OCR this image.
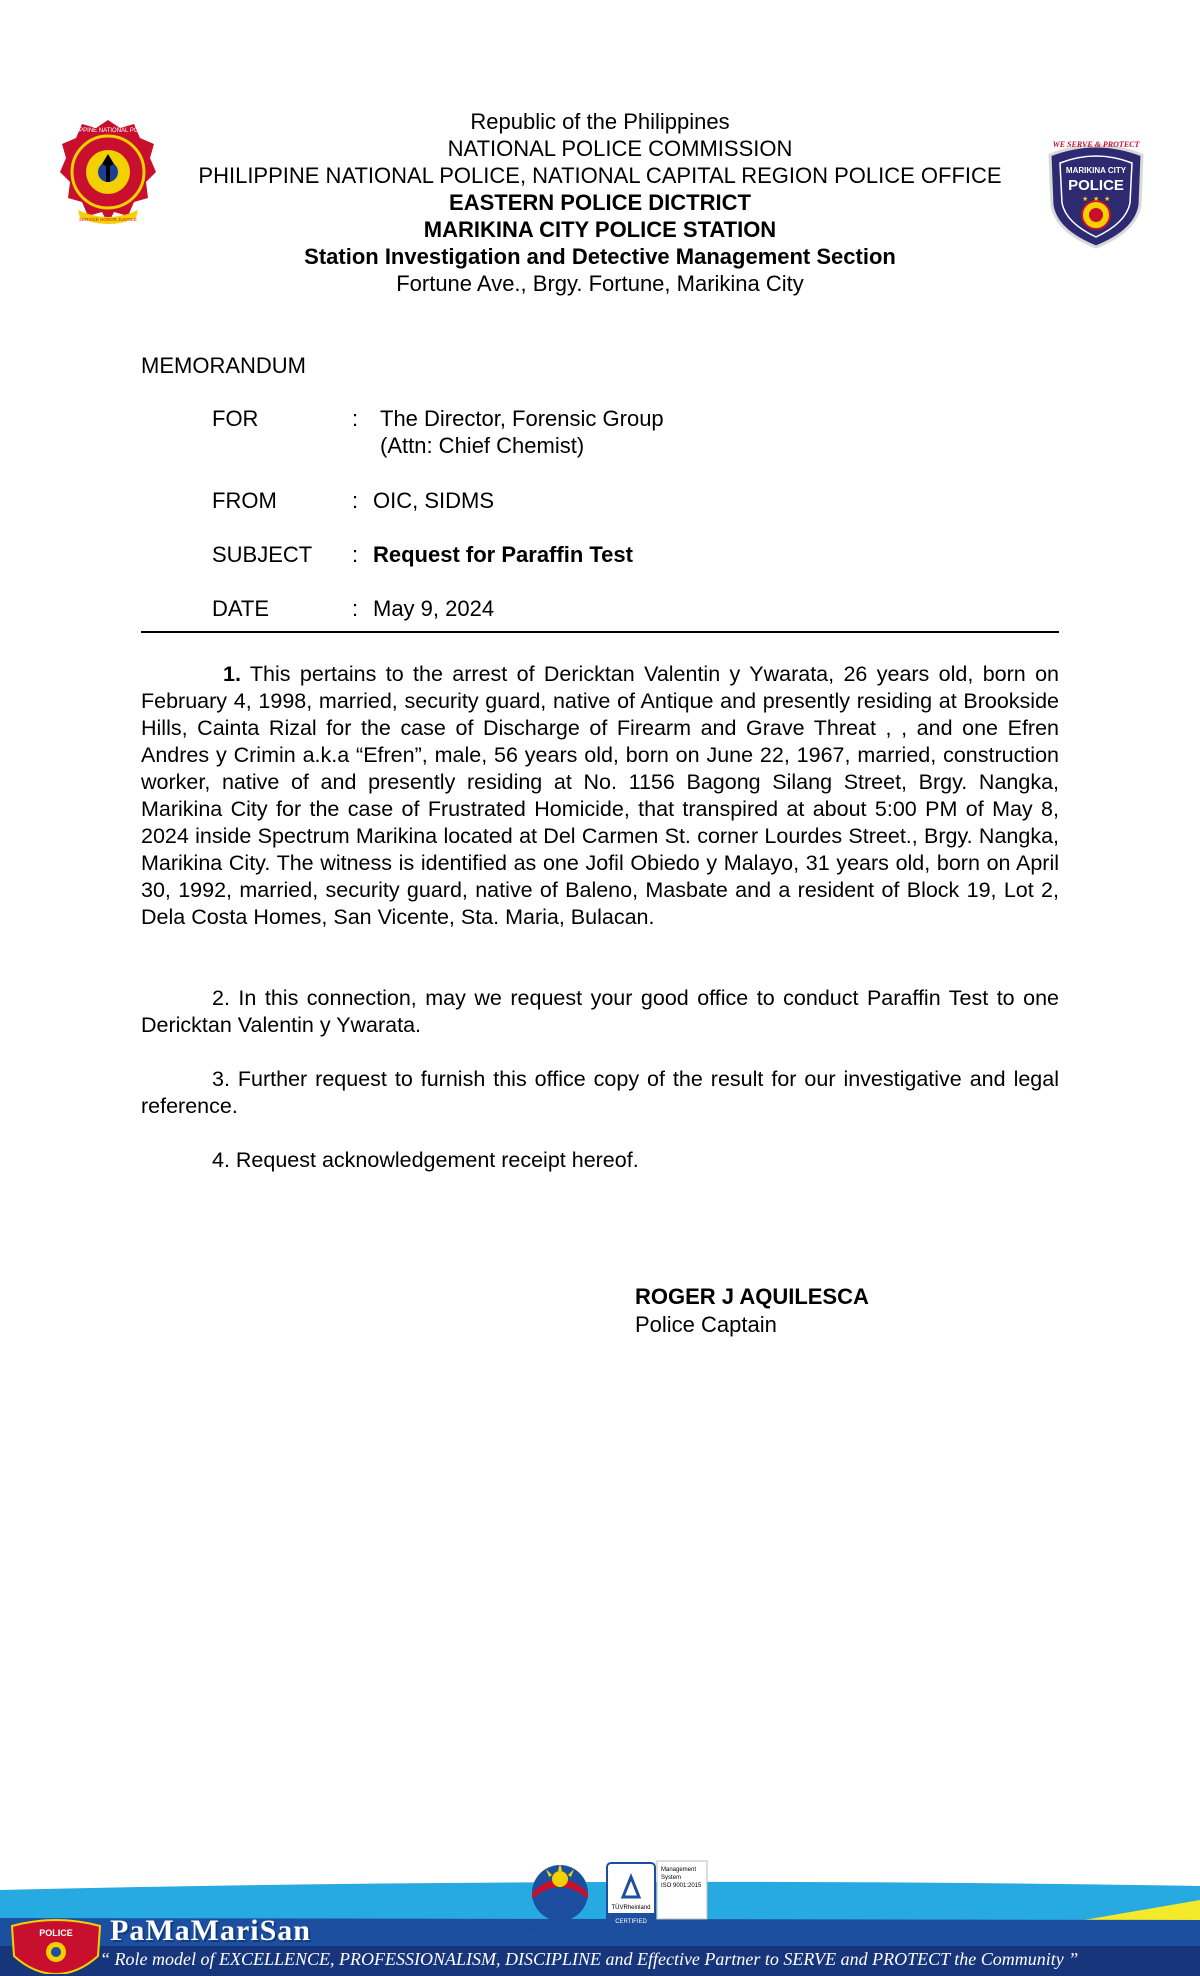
PHILIPPINE NATIONAL POLICE
SERVICE HONOR JUSTICE
WE SERVE & PROTECT
MARIKINA CITY
POLICE
★ ★ ★
Republic of the Philippines
NATIONAL POLICE COMMISSION
PHILIPPINE NATIONAL POLICE, NATIONAL CAPITAL REGION POLICE OFFICE
EASTERN POLICE DICTRICT
MARIKINA CITY POLICE STATION
Station Investigation and Detective Management Section
Fortune Ave., Brgy. Fortune, Marikina City
MEMORANDUM
FOR	: The Director, Forensic Group
(Attn: Chief Chemist)
FROM	: OIC, SIDMS
SUBJECT	: Request for Paraffin Test
DATE	: May 9, 2024
1. This pertains to the arrest of Dericktan Valentin y Ywarata, 26 years old, born on February 4, 1998, married, security guard, native of Antique and presently residing at Brookside Hills, Cainta Rizal for the case of Discharge of Firearm and Grave Threat , , and one Efren Andres y Crimin a.k.a “Efren”, male, 56 years old, born on June 22, 1967, married, construction worker, native of and presently residing at No. 1156 Bagong Silang Street, Brgy. Nangka, Marikina City for the case of Frustrated Homicide, that transpired at about 5:00 PM of May 8, 2024 inside Spectrum Marikina located at Del Carmen St. corner Lourdes Street., Brgy. Nangka, Marikina City. The witness is identified as one Jofil Obiedo y Malayo, 31 years old, born on April 30, 1992, married, security guard, native of Baleno, Masbate and a resident of Block 19, Lot 2, Dela Costa Homes, San Vicente, Sta. Maria, Bulacan.
2. In this connection, may we request your good office to conduct Paraffin Test to one Dericktan Valentin y Ywarata.
3. Further request to furnish this office copy of the result for our investigative and legal reference.
4. Request acknowledgement receipt hereof.
ROGER J AQUILESCA
Police Captain
POLICE PaMaMariSan
“ Role model of EXCELLENCE, PROFESSIONALISM, DISCIPLINE and Effective Partner to SERVE and PROTECT the Community ”
BAGONG PILIPINAS
TÜVRheinland
CERTIFIED
Management
System
ISO 9001:2015
